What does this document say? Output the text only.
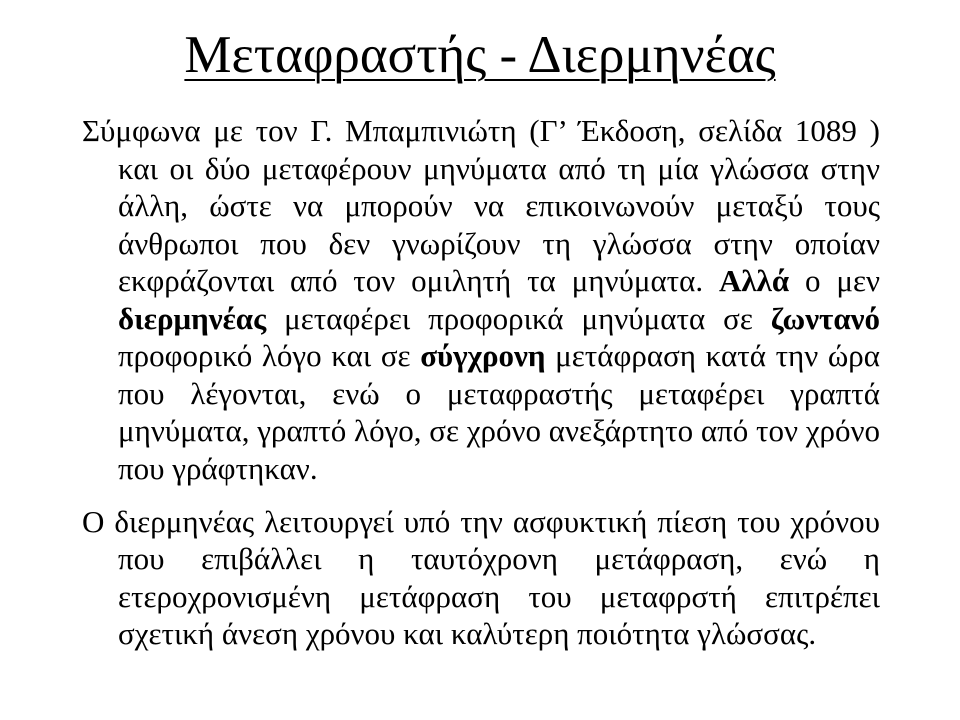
Μεταφραστής - Διερμηνέας

Σύμφωνα με τον Γ. Μπαμπινιώτη (Γ’ Έκδοση, σελίδα 1089 ) και οι δύο μεταφέρουν μηνύματα από τη μία γλώσσα στην άλλη, ώστε να μπορούν να επικοινωνούν μεταξύ τους άνθρωποι που δεν γνωρίζουν τη γλώσσα στην οποίαν εκφράζονται από τον ομιλητή τα μηνύματα. Αλλά ο μεν διερμηνέας μεταφέρει προφορικά μηνύματα σε ζωντανό προφορικό λόγο και σε σύγχρονη μετάφραση κατά την ώρα που λέγονται, ενώ ο μεταφραστής μεταφέρει γραπτά μηνύματα, γραπτό λόγο, σε χρόνο ανεξάρτητο από τον χρόνο που γράφτηκαν.

Ο διερμηνέας λειτουργεί υπό την ασφυκτική πίεση του χρόνου που επιβάλλει η ταυτόχρονη μετάφραση, ενώ η ετεροχρονισμένη μετάφραση του μεταφρστή επιτρέπει σχετική άνεση χρόνου και καλύτερη ποιότητα γλώσσας.
